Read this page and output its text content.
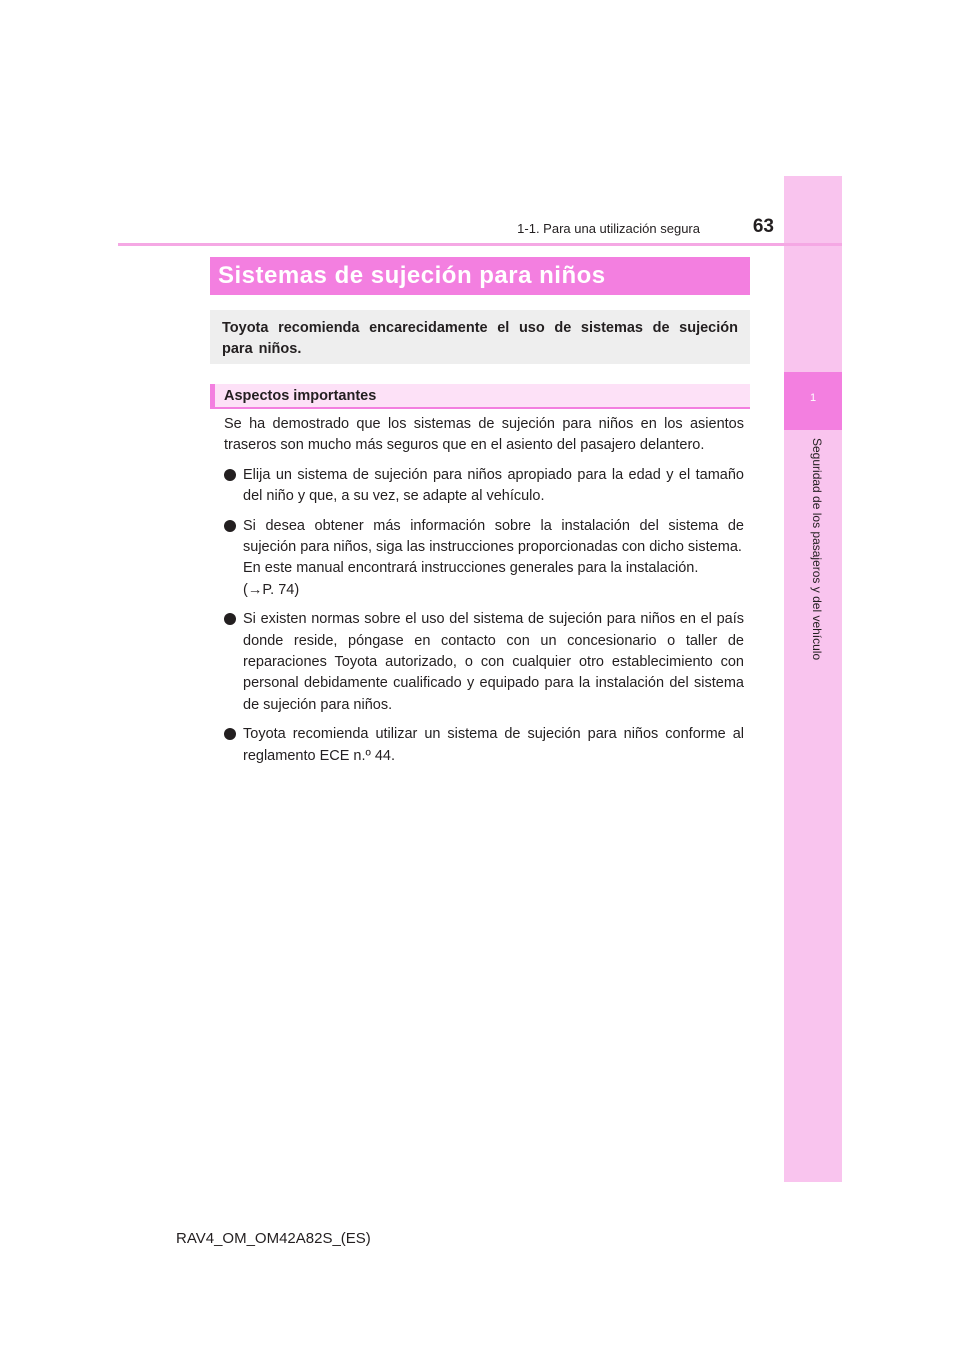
1
Seguridad de los pasajeros y del vehículo
63
1-1. Para una utilización segura
Sistemas de sujeción para niños
Toyota recomienda encarecidamente el uso de sistemas de sujeción para niños.
Aspectos importantes

Se ha demostrado que los sistemas de sujeción para niños en los asientos traseros son mucho más seguros que en el asiento del pasajero delantero.

Elija un sistema de sujeción para niños apropiado para la edad y el tamaño del niño y que, a su vez, se adapte al vehículo.
Si desea obtener más información sobre la instalación del sistema de sujeción para niños, siga las instrucciones proporcionadas con dicho sistema.
En este manual encontrará instrucciones generales para la instalación.
(→P. 74)
Si existen normas sobre el uso del sistema de sujeción para niños en el país donde reside, póngase en contacto con un concesionario o taller de reparaciones Toyota autorizado, o con cualquier otro establecimiento con personal debidamente cualificado y equipado para la instalación del sistema de sujeción para niños.
Toyota recomienda utilizar un sistema de sujeción para niños conforme al reglamento ECE n.º 44.
RAV4_OM_OM42A82S_(ES)
